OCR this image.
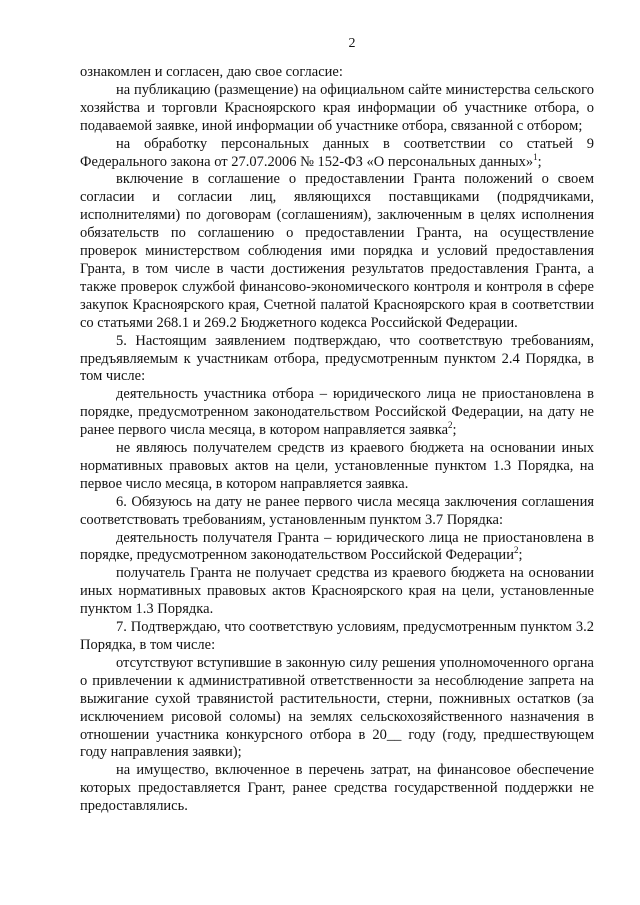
2

ознакомлен и согласен, даю свое согласие:

на публикацию (размещение) на официальном сайте министерства сельского хозяйства и торговли Красноярского края информации об участнике отбора, о подаваемой заявке, иной информации об участнике отбора, связанной с отбором;

на обработку персональных данных в соответствии со статьей 9 Федерального закона от 27.07.2006 № 152-ФЗ «О персональных данных»$^1$;

включение в соглашение о предоставлении Гранта положений о своем согласии и согласии лиц, являющихся поставщиками (подрядчиками, исполнителями) по договорам (соглашениям), заключенным в целях исполнения обязательств по соглашению о предоставлении Гранта, на осуществление проверок министерством соблюдения ими порядка и условий предоставления Гранта, в том числе в части достижения результатов предоставления Гранта, а также проверок службой финансово-экономического контроля и контроля в сфере закупок Красноярского края, Счетной палатой Красноярского края в соответствии со статьями 268.1 и 269.2 Бюджетного кодекса Российской Федерации.

5. Настоящим заявлением подтверждаю, что соответствую требованиям, предъявляемым к участникам отбора, предусмотренным пунктом 2.4 Порядка, в том числе:

деятельность участника отбора – юридического лица не приостановлена в порядке, предусмотренном законодательством Российской Федерации, на дату не ранее первого числа месяца, в котором направляется заявка$^2$;

не являюсь получателем средств из краевого бюджета на основании иных нормативных правовых актов на цели, установленные пунктом 1.3 Порядка, на первое число месяца, в котором направляется заявка.

6. Обязуюсь на дату не ранее первого числа месяца заключения соглашения соответствовать требованиям, установленным пунктом 3.7 Порядка:

деятельность получателя Гранта – юридического лица не приостановлена в порядке, предусмотренном законодательством Российской Федерации$^2$;

получатель Гранта не получает средства из краевого бюджета на основании иных нормативных правовых актов Красноярского края на цели, установленные пунктом 1.3 Порядка.

7. Подтверждаю, что соответствую условиям, предусмотренным пунктом 3.2 Порядка, в том числе:

отсутствуют вступившие в законную силу решения уполномоченного органа о привлечении к административной ответственности за несоблюдение запрета на выжигание сухой травянистой растительности, стерни, пожнивных остатков (за исключением рисовой соломы) на землях сельскохозяйственного назначения в отношении участника конкурсного отбора в 20__ году (году, предшествующем году направления заявки);

на имущество, включенное в перечень затрат, на финансовое обеспечение которых предоставляется Грант, ранее средства государственной поддержки не предоставлялись.
